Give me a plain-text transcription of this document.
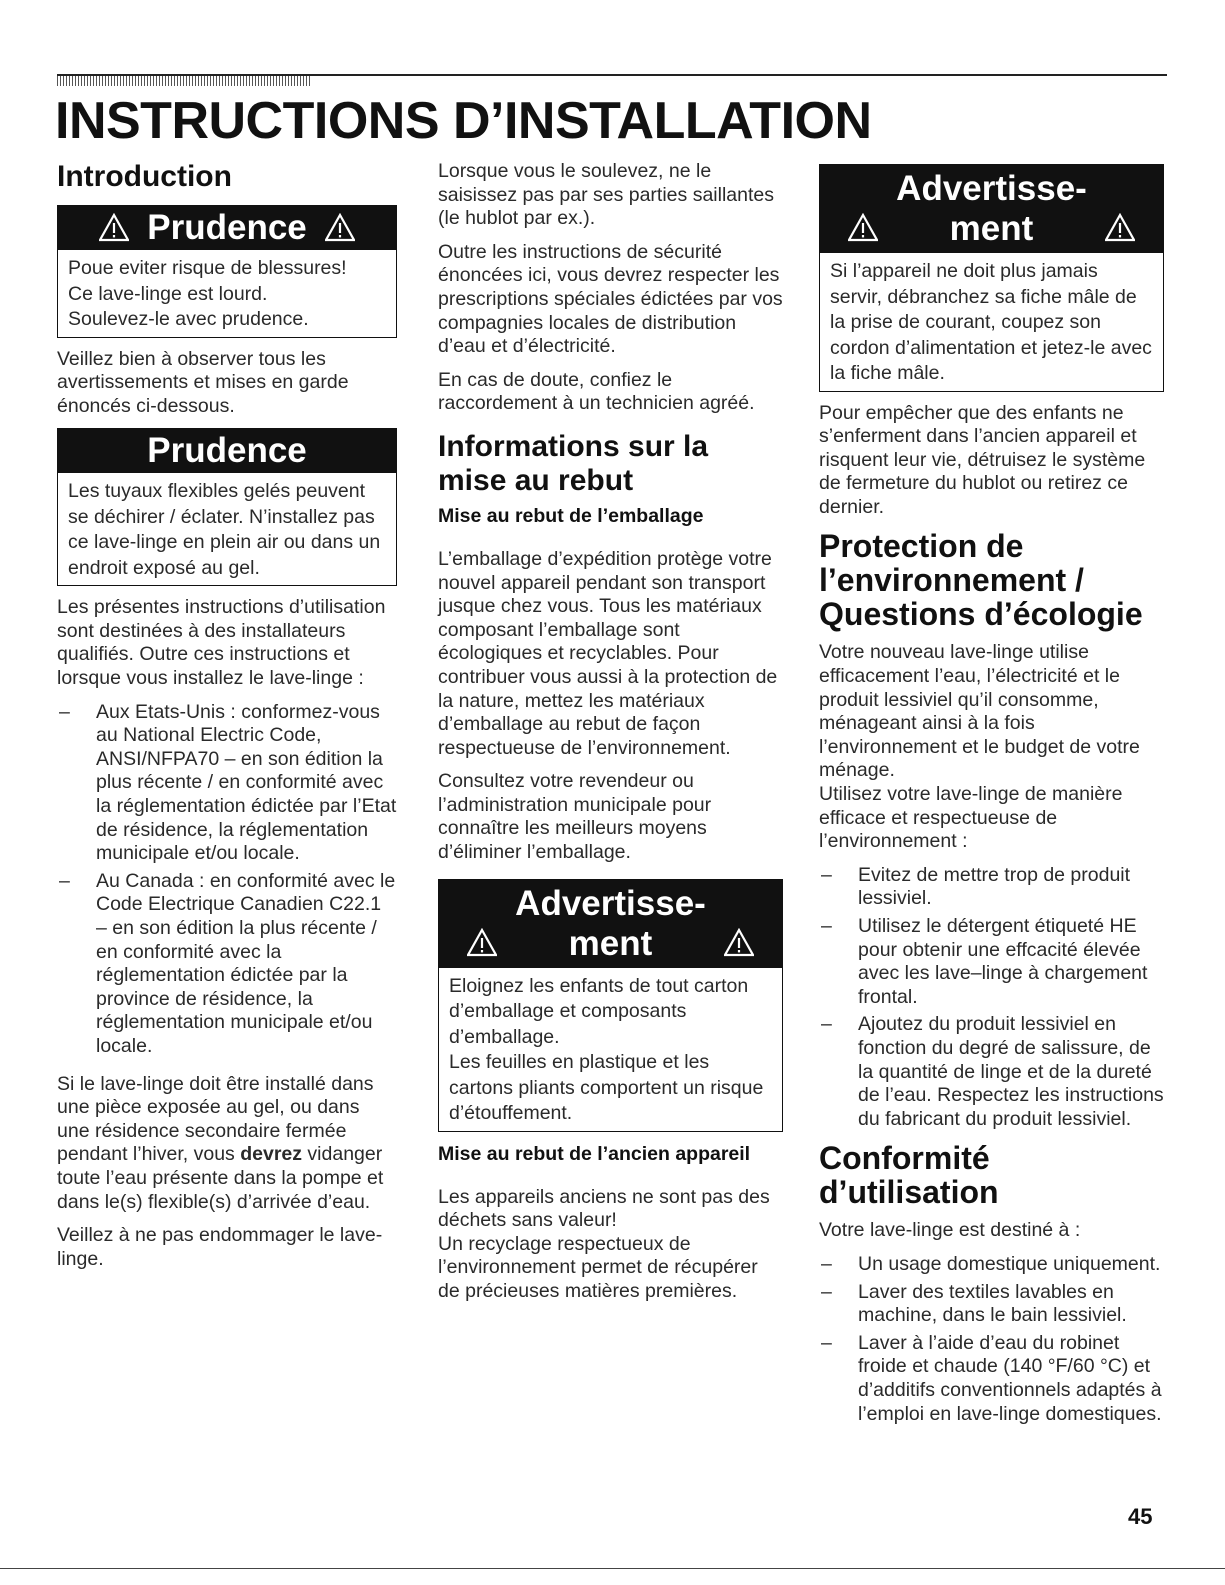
INSTRUCTIONS D’INSTALLATION
Introduction
Prudence

Poue eviter risque de blessures!

Ce lave-linge est lourd.

Soulevez-le avec prudence.

Veillez bien à observer tous les avertissements et mises en garde énoncés ci-dessous.

Prudence

Les tuyaux flexibles gelés peuvent se déchirer / éclater. N’installez pas ce lave-linge en plein air ou dans un endroit exposé au gel.

Les présentes instructions d’utilisation sont destinées à des installateurs qualifiés. Outre ces instructions et lorsque vous installez le lave-linge :

– Aux Etats-Unis : conformez-vous au National Electric Code, ANSI/NFPA70 – en son édition la plus récente / en conformité avec la réglementation édictée par l’Etat de résidence, la réglementation municipale et/ou locale.
– Au Canada : en conformité avec le Code Electrique Canadien C22.1 – en son édition la plus récente / en conformité avec la réglementation édictée par la province de résidence, la réglementation municipale et/ou locale.

Si le lave-linge doit être installé dans une pièce exposée au gel, ou dans une résidence secondaire fermée pendant l’hiver, vous devrez vidanger toute l’eau présente dans la pompe et dans le(s) flexible(s) d’arrivée d’eau.

Veillez à ne pas endommager le lave-linge.

Lorsque vous le soulevez, ne le saisissez pas par ses parties saillantes (le hublot par ex.).

Outre les instructions de sécurité énoncées ici, vous devrez respecter les prescriptions spéciales édictées par vos compagnies locales de distribution d’eau et d’électricité.

En cas de doute, confiez le raccordement à un technicien agréé.

Informations sur la mise au rebut
Mise au rebut de l’emballage

L’emballage d’expédition protège votre nouvel appareil pendant son transport jusque chez vous. Tous les matériaux composant l’emballage sont écologiques et recyclables. Pour contribuer vous aussi à la protection de la nature, mettez les matériaux d’emballage au rebut de façon respectueuse de l’environnement.

Consultez votre revendeur ou l’administration municipale pour connaître les meilleurs moyens d’éliminer l’emballage.

Advertisse-
ment

Eloignez les enfants de tout carton d’emballage et composants d’emballage.

Les feuilles en plastique et les cartons pliants comportent un risque d’étouffement.

Mise au rebut de l’ancien appareil

Les appareils anciens ne sont pas des déchets sans valeur!

Un recyclage respectueux de l’environnement permet de récupérer de précieuses matières premières.

Advertisse-
ment

Si l’appareil ne doit plus jamais servir, débranchez sa fiche mâle de la prise de courant, coupez son cordon d’alimentation et jetez-le avec la fiche mâle.

Pour empêcher que des enfants ne s’enferment dans l’ancien appareil et risquent leur vie, détruisez le système de fermeture du hublot ou retirez ce dernier.

Protection de l’environnement / Questions d’écologie

Votre nouveau lave-linge utilise efficacement l’eau, l’électricité et le produit lessiviel qu’il consomme, ménageant ainsi à la fois l’environnement et le budget de votre ménage.

Utilisez votre lave-linge de manière efficace et respectueuse de l’environnement :

– Evitez de mettre trop de produit lessiviel.
– Utilisez le détergent étiqueté HE pour obtenir une effcacité élevée avec les lave–linge à chargement frontal.
– Ajoutez du produit lessiviel en fonction du degré de salissure, de la quantité de linge et de la dureté de l’eau. Respectez les instructions du fabricant du produit lessiviel.
Conformité d’utilisation

Votre lave-linge est destiné à :

– Un usage domestique uniquement.
– Laver des textiles lavables en machine, dans le bain lessiviel.
– Laver à l’aide d’eau du robinet froide et chaude (140 °F/60 °C) et d’additifs conventionnels adaptés à l’emploi en lave-linge domestiques.
45
